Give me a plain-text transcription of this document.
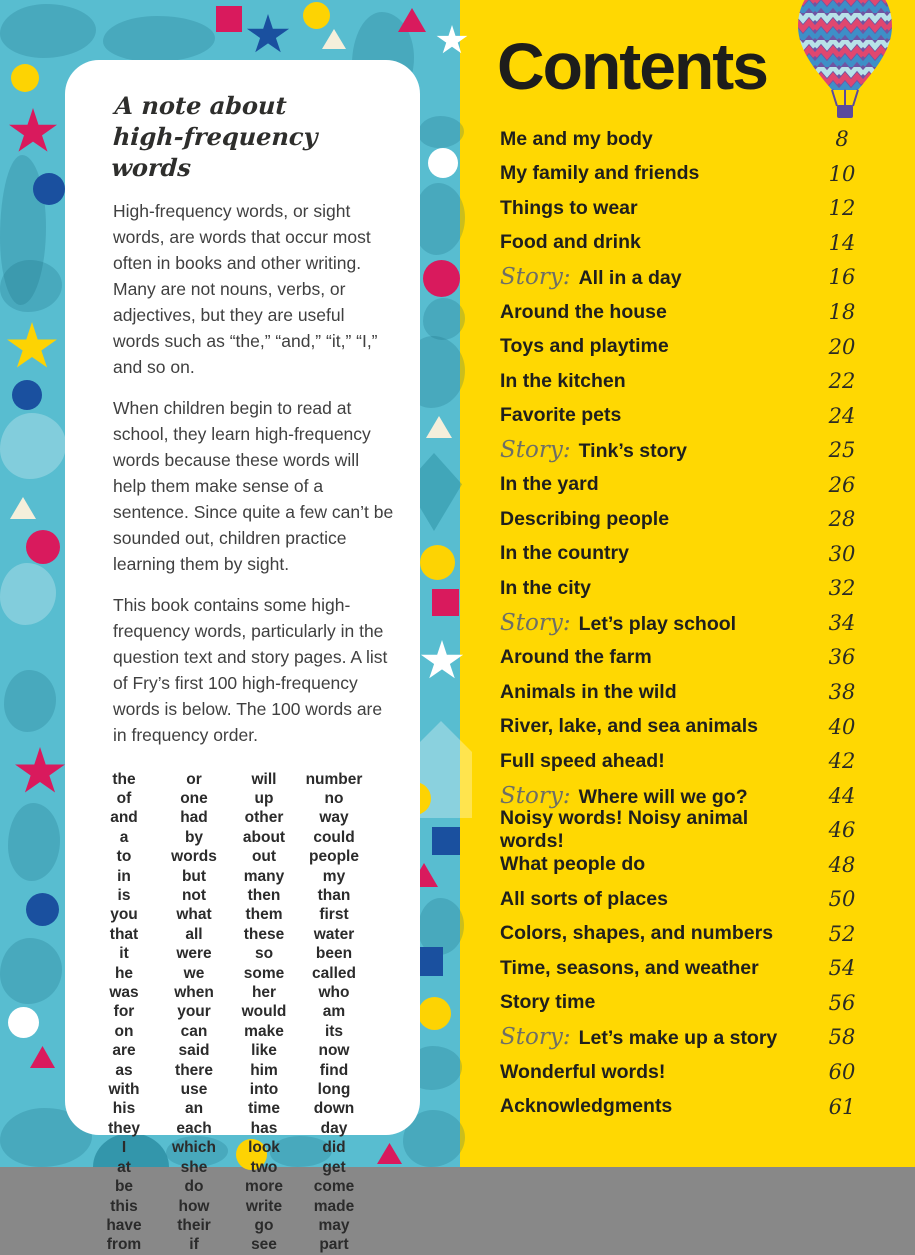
A note about high-frequency words

High-frequency words, or sight words, are words that occur most often in books and other writing. Many are not nouns, verbs, or adjectives, but they are useful words such as “the,” “and,” “it,” “I,” and so on.

When children begin to read at school, they learn high-frequency words because these words will help them make sense of a sentence. Since quite a few can’t be sounded out, children practice learning them by sight.

This book contains some high-frequency words, particularly in the question text and story pages. A list of Fry’s first 100 high-frequency words is below. The 100 words are in frequency order.

the
of
and
a
to
in
is
you
that
it
he
was
for
on
are
as
with
his
they
I
at
be
this
have
from
or
one
had
by
words
but
not
what
all
were
we
when
your
can
said
there
use
an
each
which
she
do
how
their
if
will
up
other
about
out
many
then
them
these
so
some
her
would
make
like
him
into
time
has
look
two
more
write
go
see
number
no
way
could
people
my
than
first
water
been
called
who
am
its
now
find
long
down
day
did
get
come
made
may
part
Contents
Me and my body	8
My family and friends	10
Things to wear	12
Food and drink	14
Story: All in a day	16
Around the house	18
Toys and playtime	20
In the kitchen	22
Favorite pets	24
Story: Tink’s story	25
In the yard	26
Describing people	28
In the country	30
In the city	32
Story: Let’s play school	34
Around the farm	36
Animals in the wild	38
River, lake, and sea animals	40
Full speed ahead!	42
Story: Where will we go?	44
Noisy words! Noisy animal words!	46
What people do	48
All sorts of places	50
Colors, shapes, and numbers	52
Time, seasons, and weather	54
Story time	56
Story: Let’s make up a story	58
Wonderful words!	60
Acknowledgments	61
